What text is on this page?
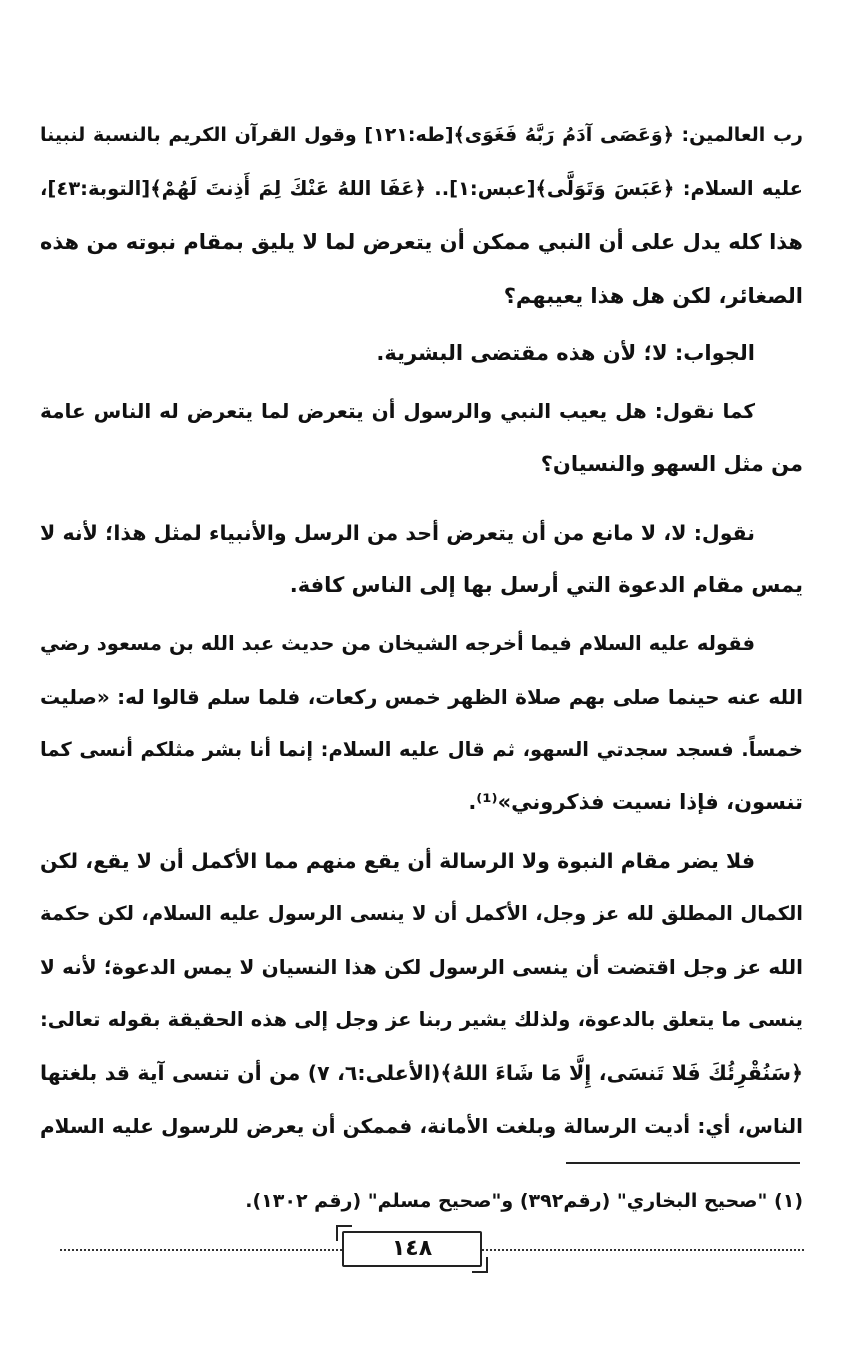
رب العالمين: ﴿وَعَصَى آدَمُ رَبَّهُ فَغَوَى﴾[طه:١٢١] وقول القرآن الكريم بالنسبة لنبينا
عليه السلام: ﴿عَبَسَ وَتَوَلَّى﴾[عبس:١].. ﴿عَفَا اللهُ عَنْكَ لِمَ أَذِنتَ لَهُمْ﴾[التوبة:٤٣]،
هذا كله يدل على أن النبي ممكن أن يتعرض لما لا يليق بمقام نبوته من هذه
الصغائر، لكن هل هذا يعيبهم؟
الجواب: لا؛ لأن هذه مقتضى البشرية.
كما نقول: هل يعيب النبي والرسول أن يتعرض لما يتعرض له الناس عامة
من مثل السهو والنسيان؟
نقول: لا، لا مانع من أن يتعرض أحد من الرسل والأنبياء لمثل هذا؛ لأنه لا
يمس مقام الدعوة التي أرسل بها إلى الناس كافة.
فقوله عليه السلام فيما أخرجه الشيخان من حديث عبد الله بن مسعود رضي
الله عنه حينما صلى بهم صلاة الظهر خمس ركعات، فلما سلم قالوا له: «صليت
خمساً. فسجد سجدتي السهو، ثم قال عليه السلام: إنما أنا بشر مثلكم أنسى كما
تنسون، فإذا نسيت فذكروني»⁽¹⁾.
فلا يضر مقام النبوة ولا الرسالة أن يقع منهم مما الأكمل أن لا يقع، لكن
الكمال المطلق لله عز وجل، الأكمل أن لا ينسى الرسول عليه السلام، لكن حكمة
الله عز وجل اقتضت أن ينسى الرسول لكن هذا النسيان لا يمس الدعوة؛ لأنه لا
ينسى ما يتعلق بالدعوة، ولذلك يشير ربنا عز وجل إلى هذه الحقيقة بقوله تعالى:
﴿سَنُقْرِئُكَ فَلا تَنسَى، إِلَّا مَا شَاءَ اللهُ﴾(الأعلى:٦، ٧) من أن تنسى آية قد بلغتها
الناس، أي: أديت الرسالة وبلغت الأمانة، فممكن أن يعرض للرسول عليه السلام
(١) "صحيح البخاري" (رقم٣٩٢) و"صحيح مسلم" (رقم ١٣٠٢).
١٤٨
